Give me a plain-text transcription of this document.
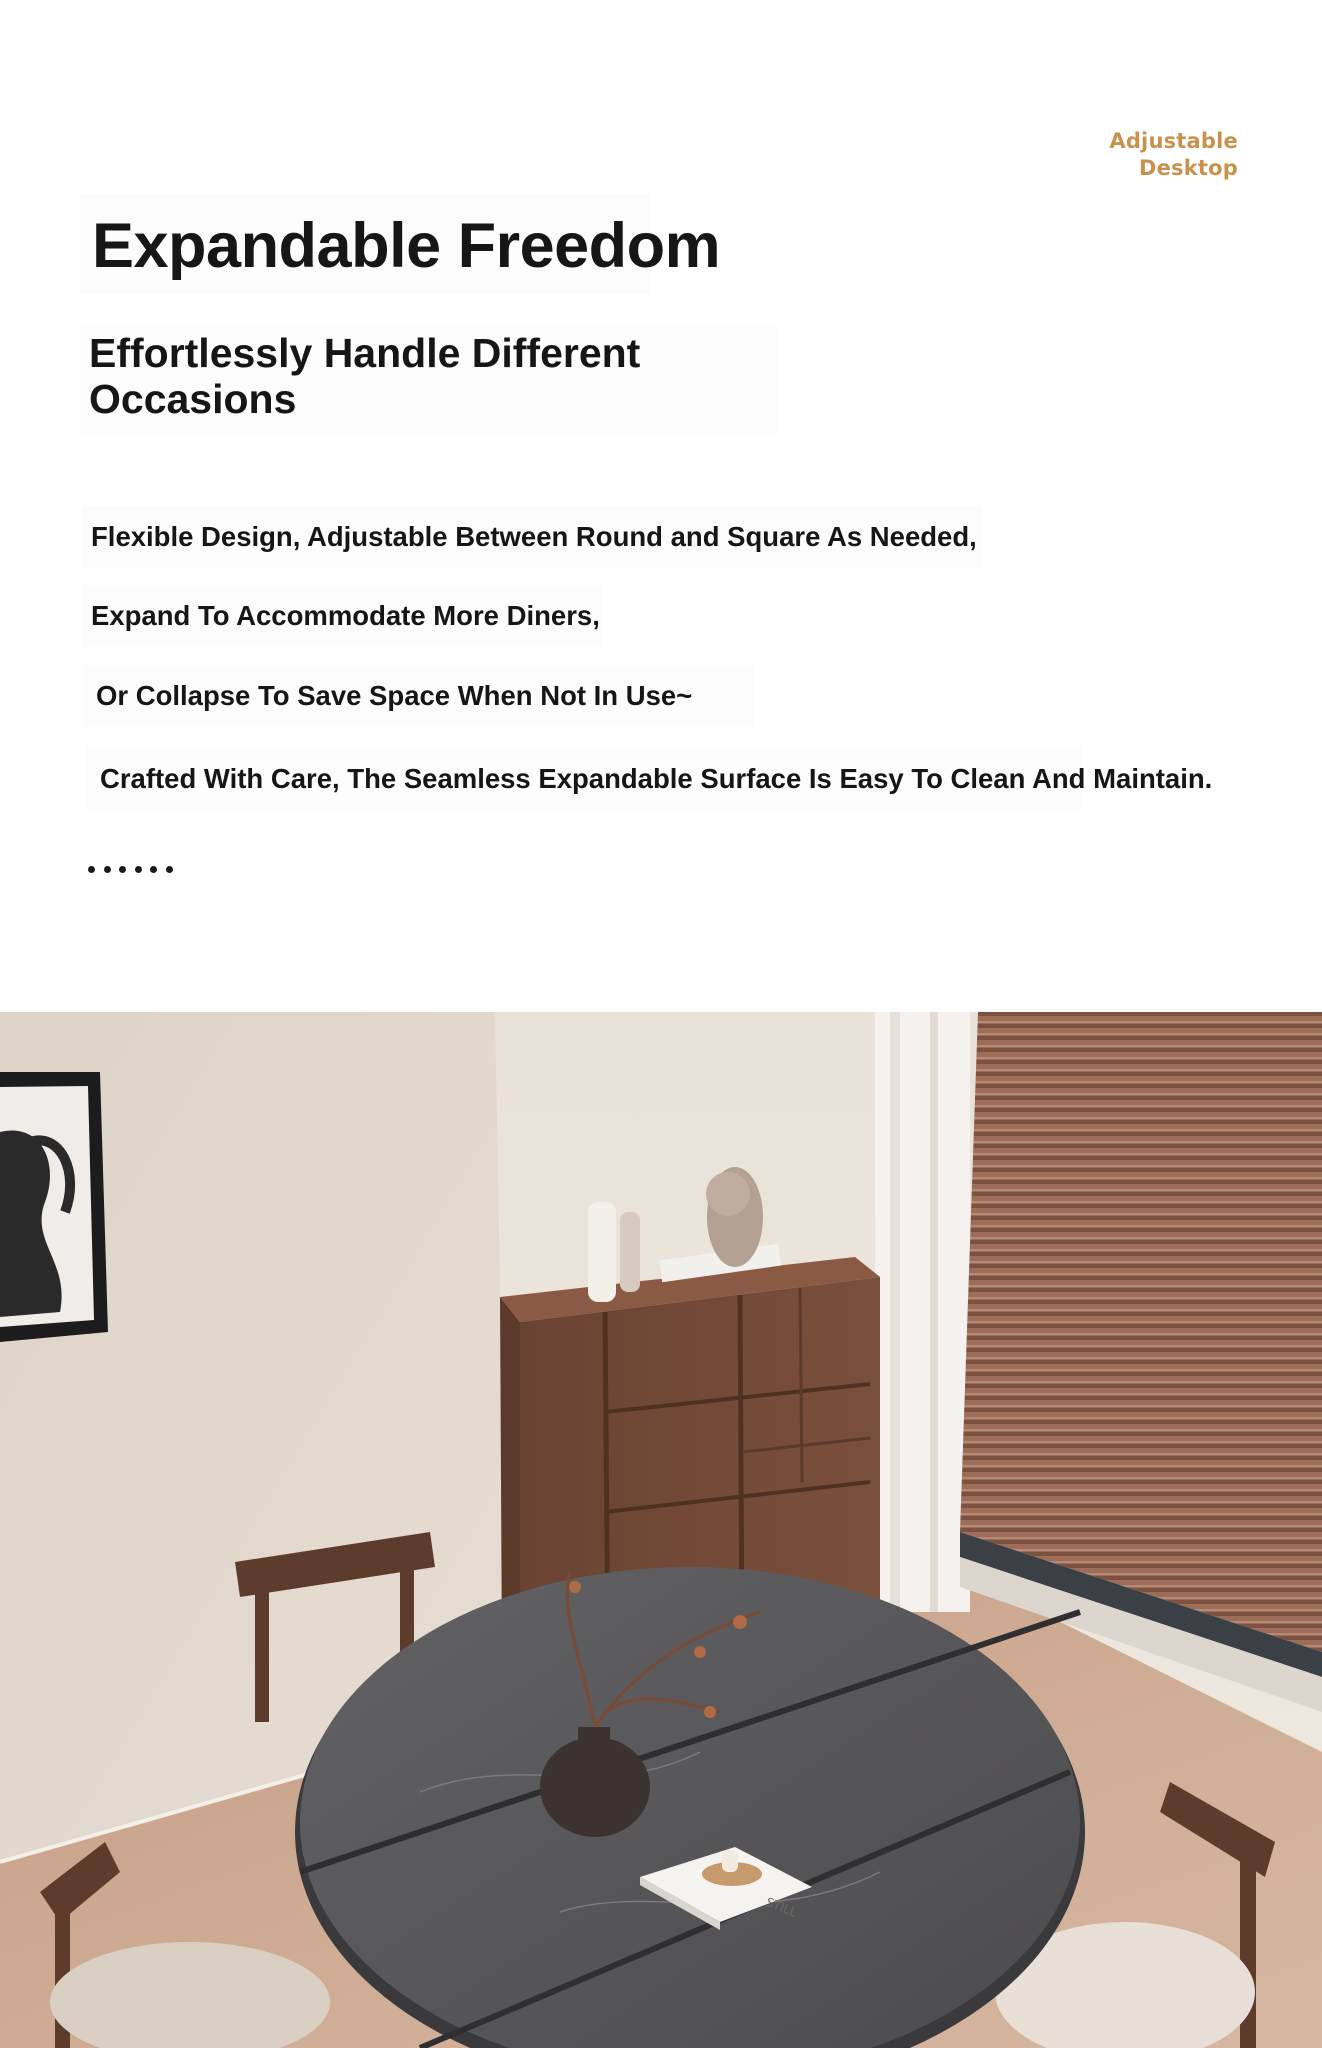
Adjustable
Desktop
Expandable Freedom
Effortlessly Handle Different
Occasions
Flexible Design, Adjustable Between Round and Square As Needed,
Expand To Accommodate More Diners,
Or Collapse To Save Space When Not In Use~
Crafted With Care, The Seamless Expandable Surface Is Easy To Clean And Maintain.
STILL
